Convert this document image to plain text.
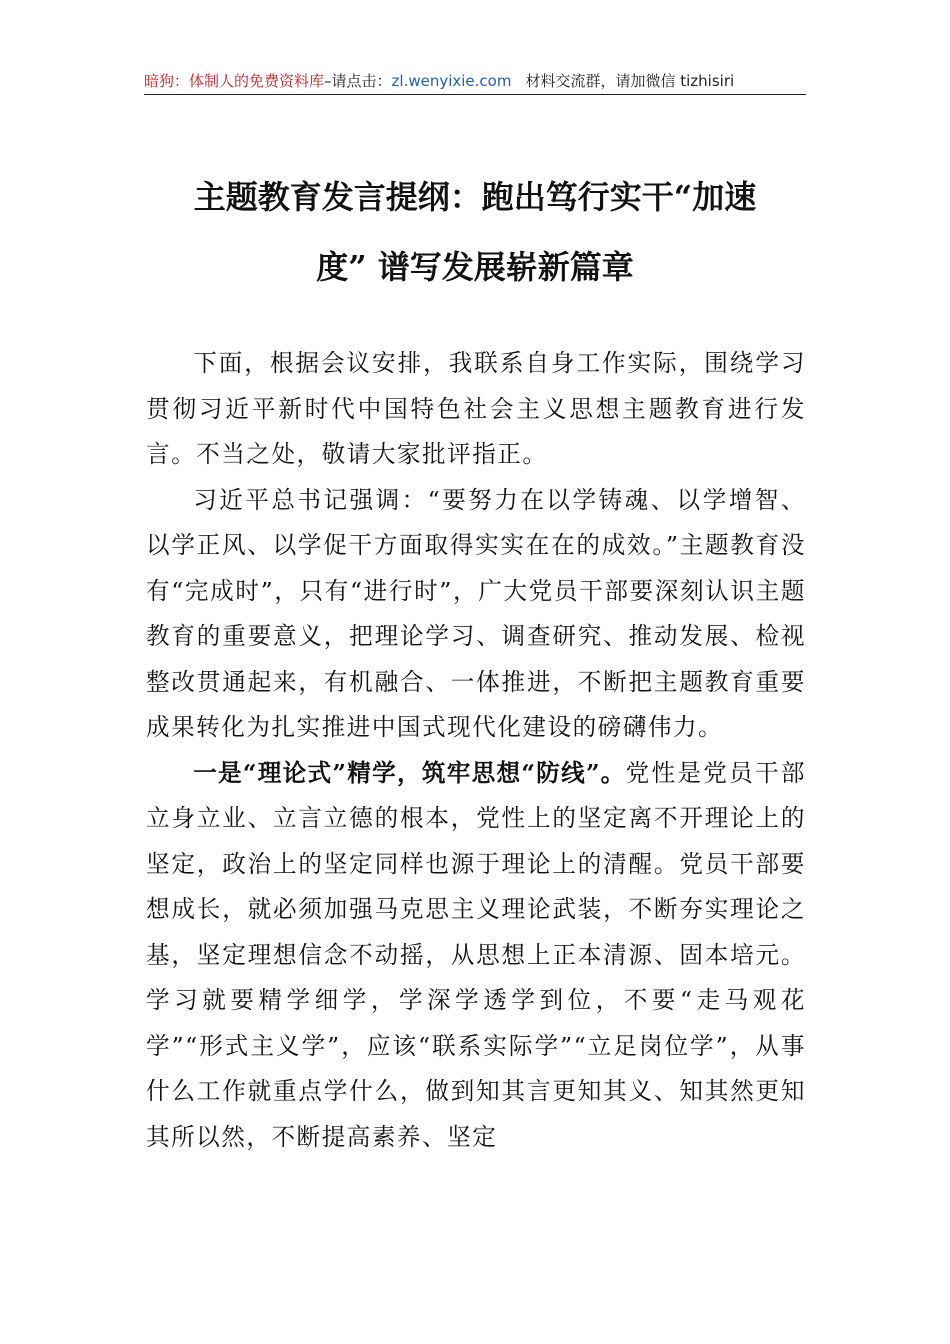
暗狗：体制人的免费资料库–请点击：zl.wenyixie.com 材料交流群，请加微信 tizhisiri
主题教育发言提纲：跑出笃行实干“加速
度” 谱写发展崭新篇章

下面，根据会议安排，我联系自身工作实际，围绕学习贯彻习近平新时代中国特色社会主义思想主题教育进行发言。不当之处，敬请大家批评指正。

习近平总书记强调：“要努力在以学铸魂、以学增智、以学正风、以学促干方面取得实实在在的成效。”主题教育没有“完成时”，只有“进行时”，广大党员干部要深刻认识主题教育的重要意义，把理论学习、调查研究、推动发展、检视整改贯通起来，有机融合、一体推进，不断把主题教育重要成果转化为扎实推进中国式现代化建设的磅礴伟力。

一是“理论式”精学，筑牢思想“防线”。党性是党员干部立身立业、立言立德的根本，党性上的坚定离不开理论上的坚定，政治上的坚定同样也源于理论上的清醒。党员干部要想成长，就必须加强马克思主义理论武装，不断夯实理论之基，坚定理想信念不动摇，从思想上正本清源、固本培元。学习就要精学细学，学深学透学到位，不要“走马观花学”“形式主义学”，应该“联系实际学”“立足岗位学”，从事什么工作就重点学什么，做到知其言更知其义、知其然更知其所以然，不断提高素养、坚定
